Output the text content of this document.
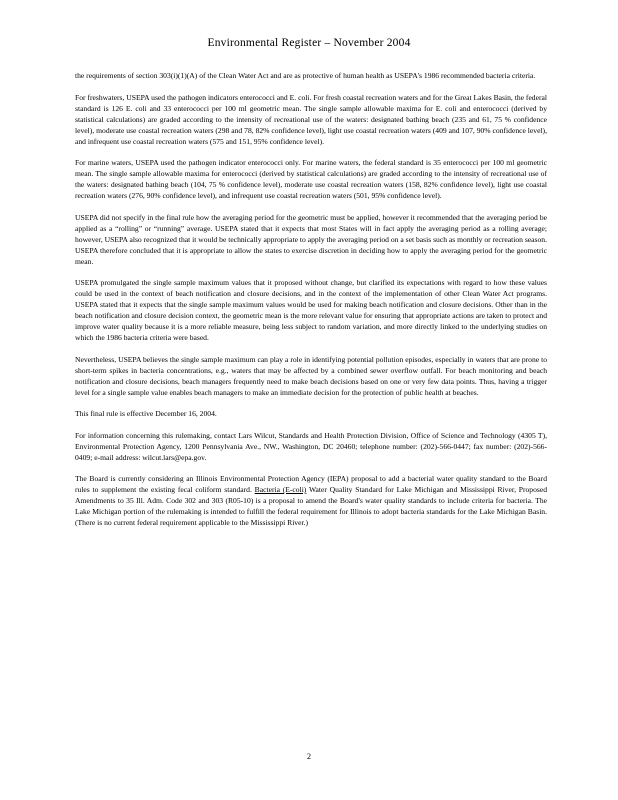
Environmental Register – November 2004

the requirements of section 303(i)(1)(A) of the Clean Water Act and are as protective of human health as USEPA's 1986 recommended bacteria criteria.

For freshwaters, USEPA used the pathogen indicators enterococci and E. coli. For fresh coastal recreation waters and for the Great Lakes Basin, the federal standard is 126 E. coli and 33 enterococci per 100 ml geometric mean. The single sample allowable maxima for E. coli and enterococci (derived by statistical calculations) are graded according to the intensity of recreational use of the waters: designated bathing beach (235 and 61, 75 % confidence level), moderate use coastal recreation waters (298 and 78, 82% confidence level), light use coastal recreation waters (409 and 107, 90% confidence level), and infrequent use coastal recreation waters (575 and 151, 95% confidence level).

For marine waters, USEPA used the pathogen indicator enterococci only. For marine waters, the federal standard is 35 enterococci per 100 ml geometric mean. The single sample allowable maxima for enterococci (derived by statistical calculations) are graded according to the intensity of recreational use of the waters: designated bathing beach (104, 75 % confidence level), moderate use coastal recreation waters (158, 82% confidence level), light use coastal recreation waters (276, 90% confidence level), and infrequent use coastal recreation waters (501, 95% confidence level).

USEPA did not specify in the final rule how the averaging period for the geometric must be applied, however it recommended that the averaging period be applied as a “rolling” or “running” average. USEPA stated that it expects that most States will in fact apply the averaging period as a rolling average; however, USEPA also recognized that it would be technically appropriate to apply the averaging period on a set basis such as monthly or recreation season. USEPA therefore concluded that it is appropriate to allow the states to exercise discretion in deciding how to apply the averaging period for the geometric mean.

USEPA promulgated the single sample maximum values that it proposed without change, but clarified its expectations with regard to how these values could be used in the context of beach notification and closure decisions, and in the context of the implementation of other Clean Water Act programs. USEPA stated that it expects that the single sample maximum values would be used for making beach notification and closure decisions. Other than in the beach notification and closure decision context, the geometric mean is the more relevant value for ensuring that appropriate actions are taken to protect and improve water quality because it is a more reliable measure, being less subject to random variation, and more directly linked to the underlying studies on which the 1986 bacteria criteria were based.

Nevertheless, USEPA believes the single sample maximum can play a role in identifying potential pollution episodes, especially in waters that are prone to short-term spikes in bacteria concentrations, e.g., waters that may be affected by a combined sewer overflow outfall. For beach monitoring and beach notification and closure decisions, beach managers frequently need to make beach decisions based on one or very few data points. Thus, having a trigger level for a single sample value enables beach managers to make an immediate decision for the protection of public health at beaches.

This final rule is effective December 16, 2004.

For information concerning this rulemaking, contact Lars Wilcut, Standards and Health Protection Division, Office of Science and Technology (4305 T), Environmental Protection Agency, 1200 Pennsylvania Ave., NW., Washington, DC 20460; telephone number: (202)-566-0447; fax number: (202)-566-0409; e-mail address: wilcut.lars@epa.gov.

The Board is currently considering an Illinois Environmental Protection Agency (IEPA) proposal to add a bacterial water quality standard to the Board rules to supplement the existing fecal coliform standard. Bacteria (E-coli) Water Quality Standard for Lake Michigan and Mississippi River, Proposed Amendments to 35 Ill. Adm. Code 302 and 303 (R05-10) is a proposal to amend the Board's water quality standards to include criteria for bacteria. The Lake Michigan portion of the rulemaking is intended to fulfill the federal requirement for Illinois to adopt bacteria standards for the Lake Michigan Basin. (There is no current federal requirement applicable to the Mississippi River.)

2
